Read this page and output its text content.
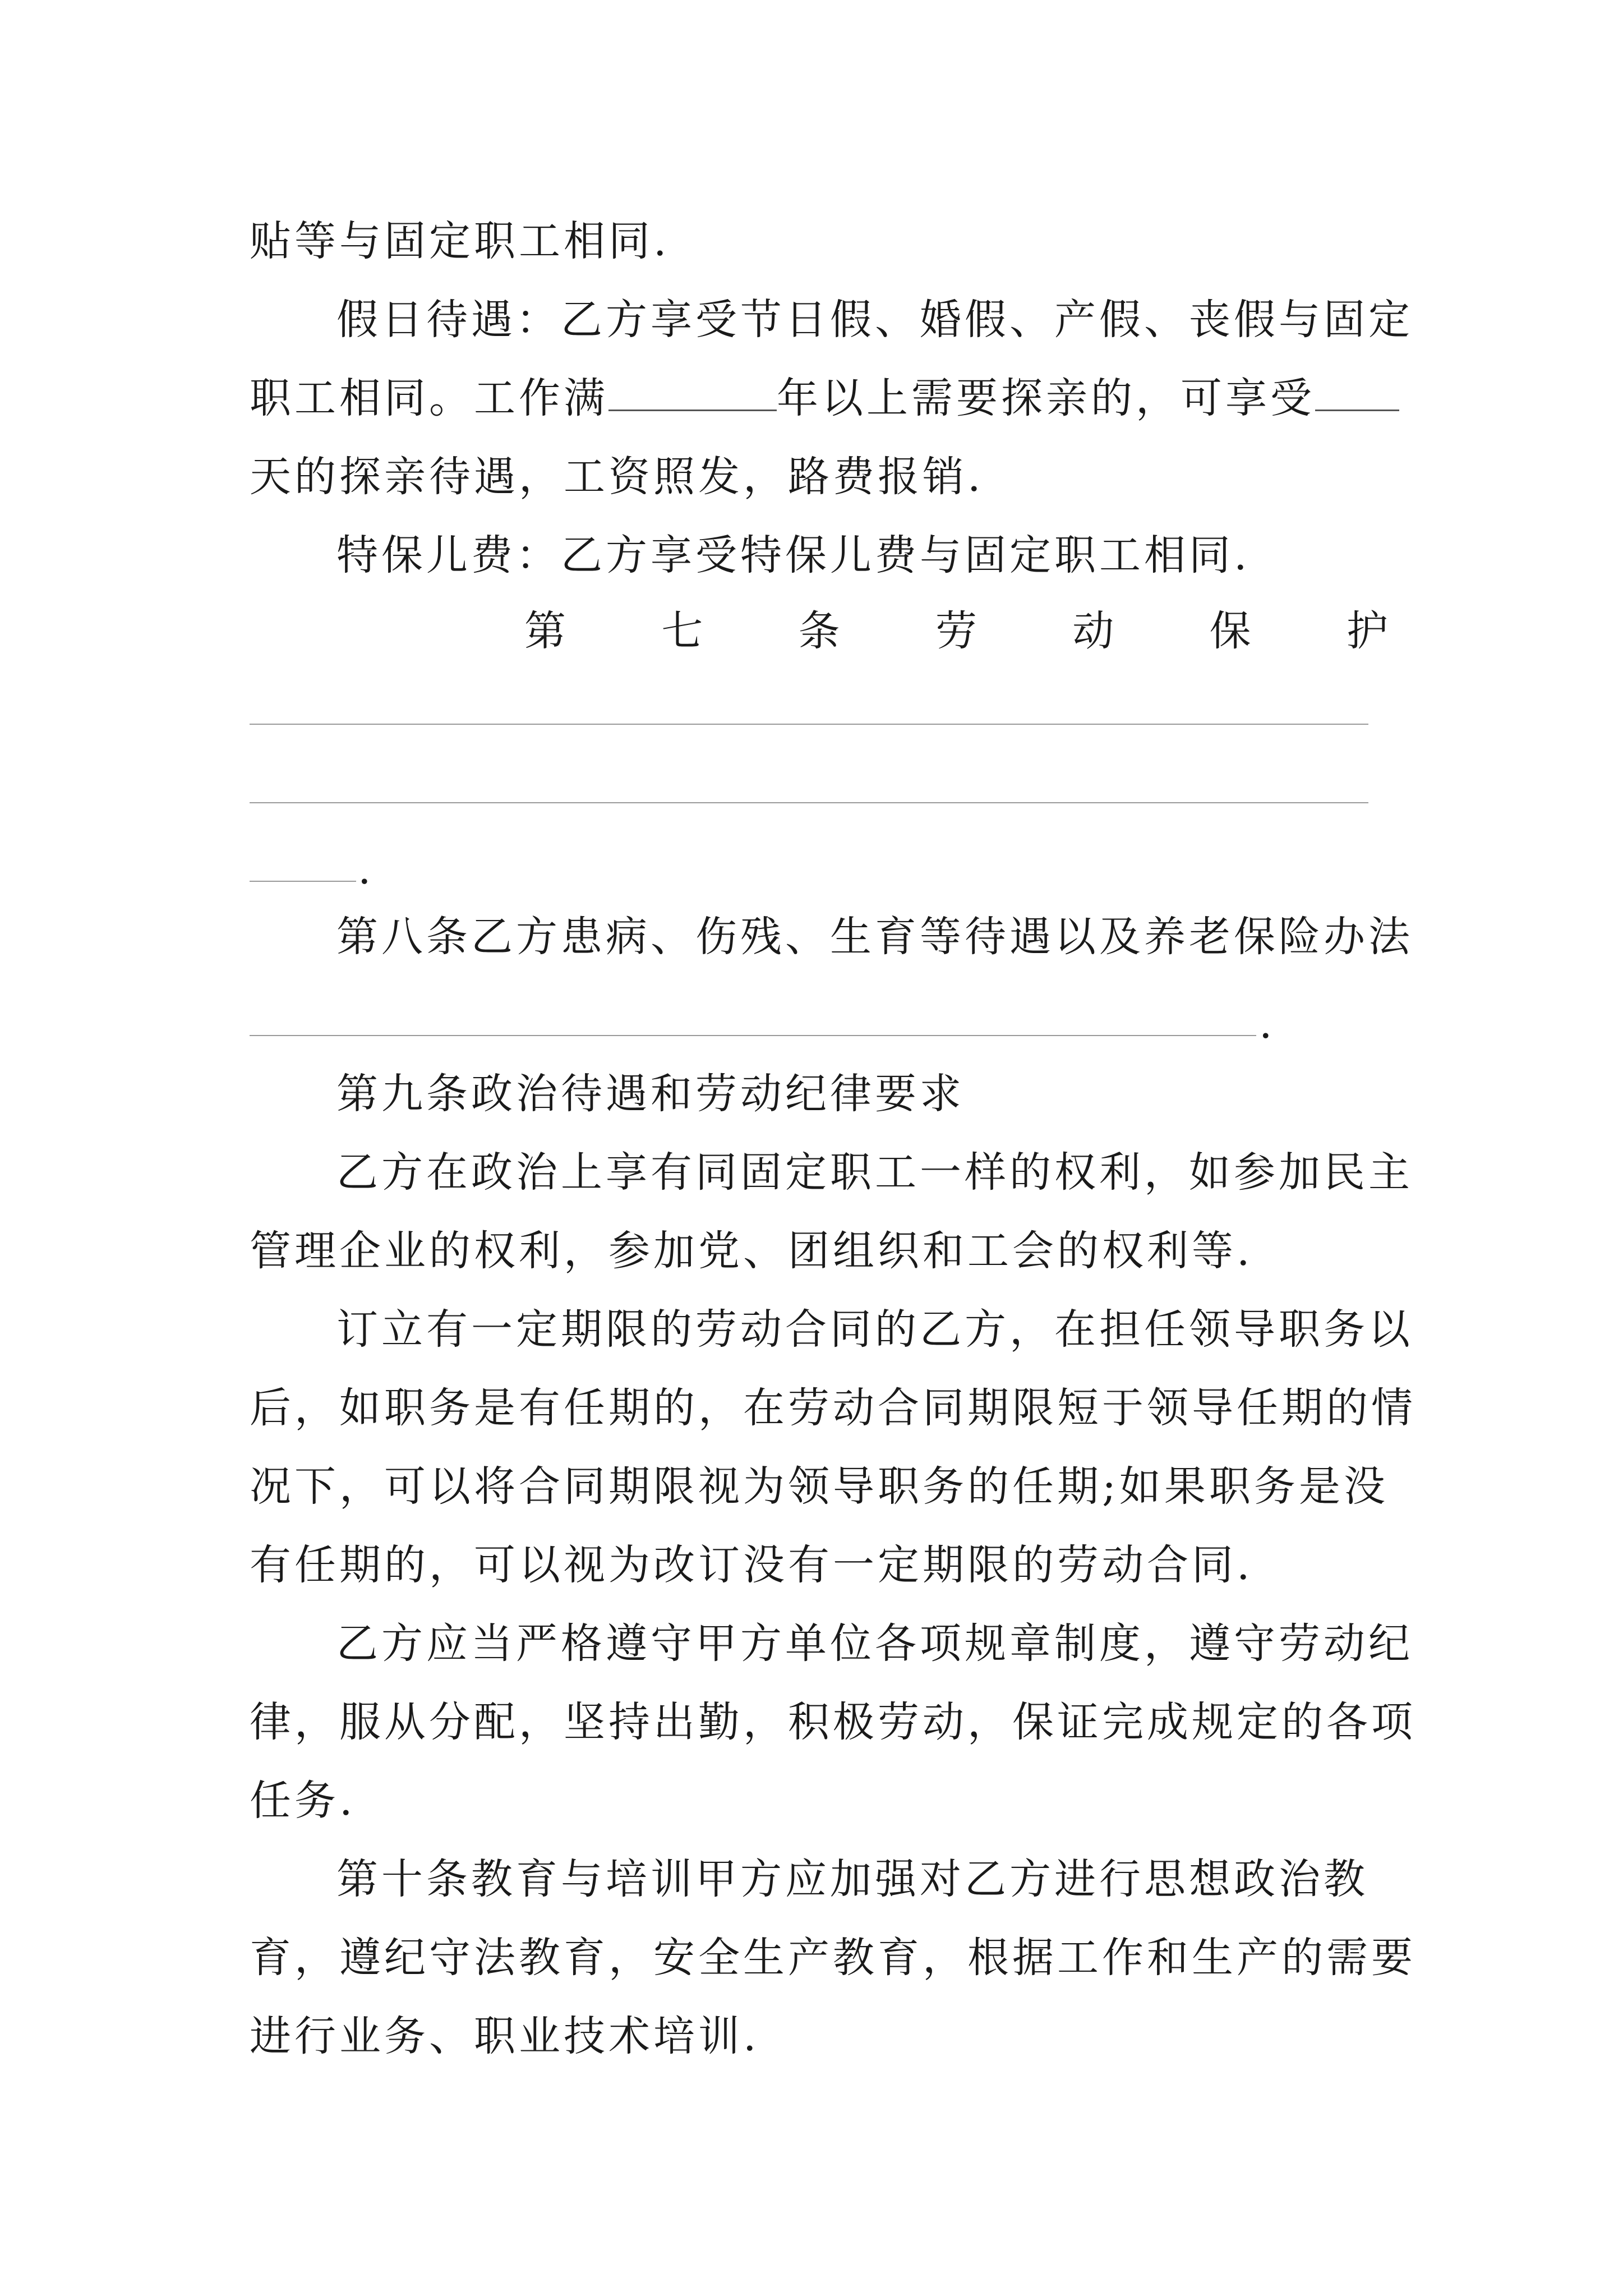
贴等与固定职工相同.
假日待遇：乙方享受节日假、婚假、产假、丧假与固定
职工相同。工作满	年以上需要探亲的，可享受
天的探亲待遇，工资照发，路费报销.
特保儿费：乙方享受特保儿费与固定职工相同.
第 七 条 劳 动 保 护
.
第八条乙方患病、伤残、生育等待遇以及养老保险办法
.
第九条政治待遇和劳动纪律要求
乙方在政治上享有同固定职工一样的权利，如参加民主
管理企业的权利，参加党、团组织和工会的权利等.
订立有一定期限的劳动合同的乙方，在担任领导职务以
后，如职务是有任期的，在劳动合同期限短于领导任期的情
况下，可以将合同期限视为领导职务的任期;如果职务是没
有任期的，可以视为改订没有一定期限的劳动合同.
乙方应当严格遵守甲方单位各项规章制度，遵守劳动纪
律，服从分配，坚持出勤，积极劳动，保证完成规定的各项
任务.
第十条教育与培训甲方应加强对乙方进行思想政治教
育，遵纪守法教育，安全生产教育，根据工作和生产的需要
进行业务、职业技术培训.
